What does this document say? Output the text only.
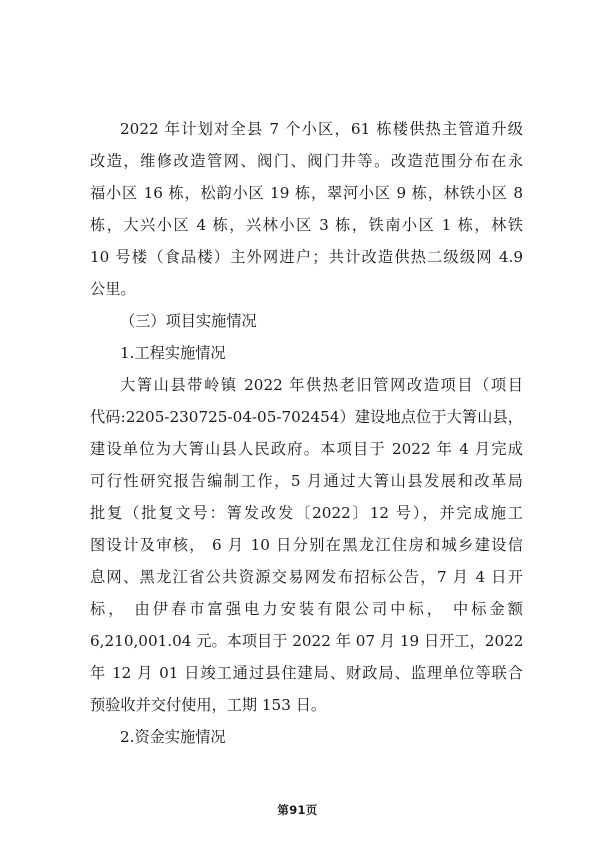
2022 年计划对全县 7 个小区，61 栋楼供热主管道升级

改造，维修改造管网、阀门、阀门井等。改造范围分布在永

福小区 16 栋，松韵小区 19 栋，翠河小区 9 栋，林铁小区 8

栋，大兴小区 4 栋，兴林小区 3 栋，铁南小区 1 栋，林铁

10 号楼（食品楼）主外网进户；共计改造供热二级级网 4.9

公里。

（三）项目实施情况

1.工程实施情况

大箐山县带岭镇 2022 年供热老旧管网改造项目（项目

代码:2205-230725-04-05-702454）建设地点位于大箐山县，

建设单位为大箐山县人民政府。本项目于 2022 年 4 月完成

可行性研究报告编制工作，5 月通过大箐山县发展和改革局

批复（批复文号：箐发改发〔2022〕12 号），并完成施工

图设计及审核， 6 月 10 日分别在黑龙江住房和城乡建设信

息网、黑龙江省公共资源交易网发布招标公告，7 月 4 日开

标， 由伊春市富强电力安装有限公司中标， 中标金额

6,210,001.04 元。本项目于 2022 年 07 月 19 日开工，2022

年 12 月 01 日竣工通过县住建局、财政局、监理单位等联合

预验收并交付使用，工期 153 日。

2.资金实施情况

第91页
